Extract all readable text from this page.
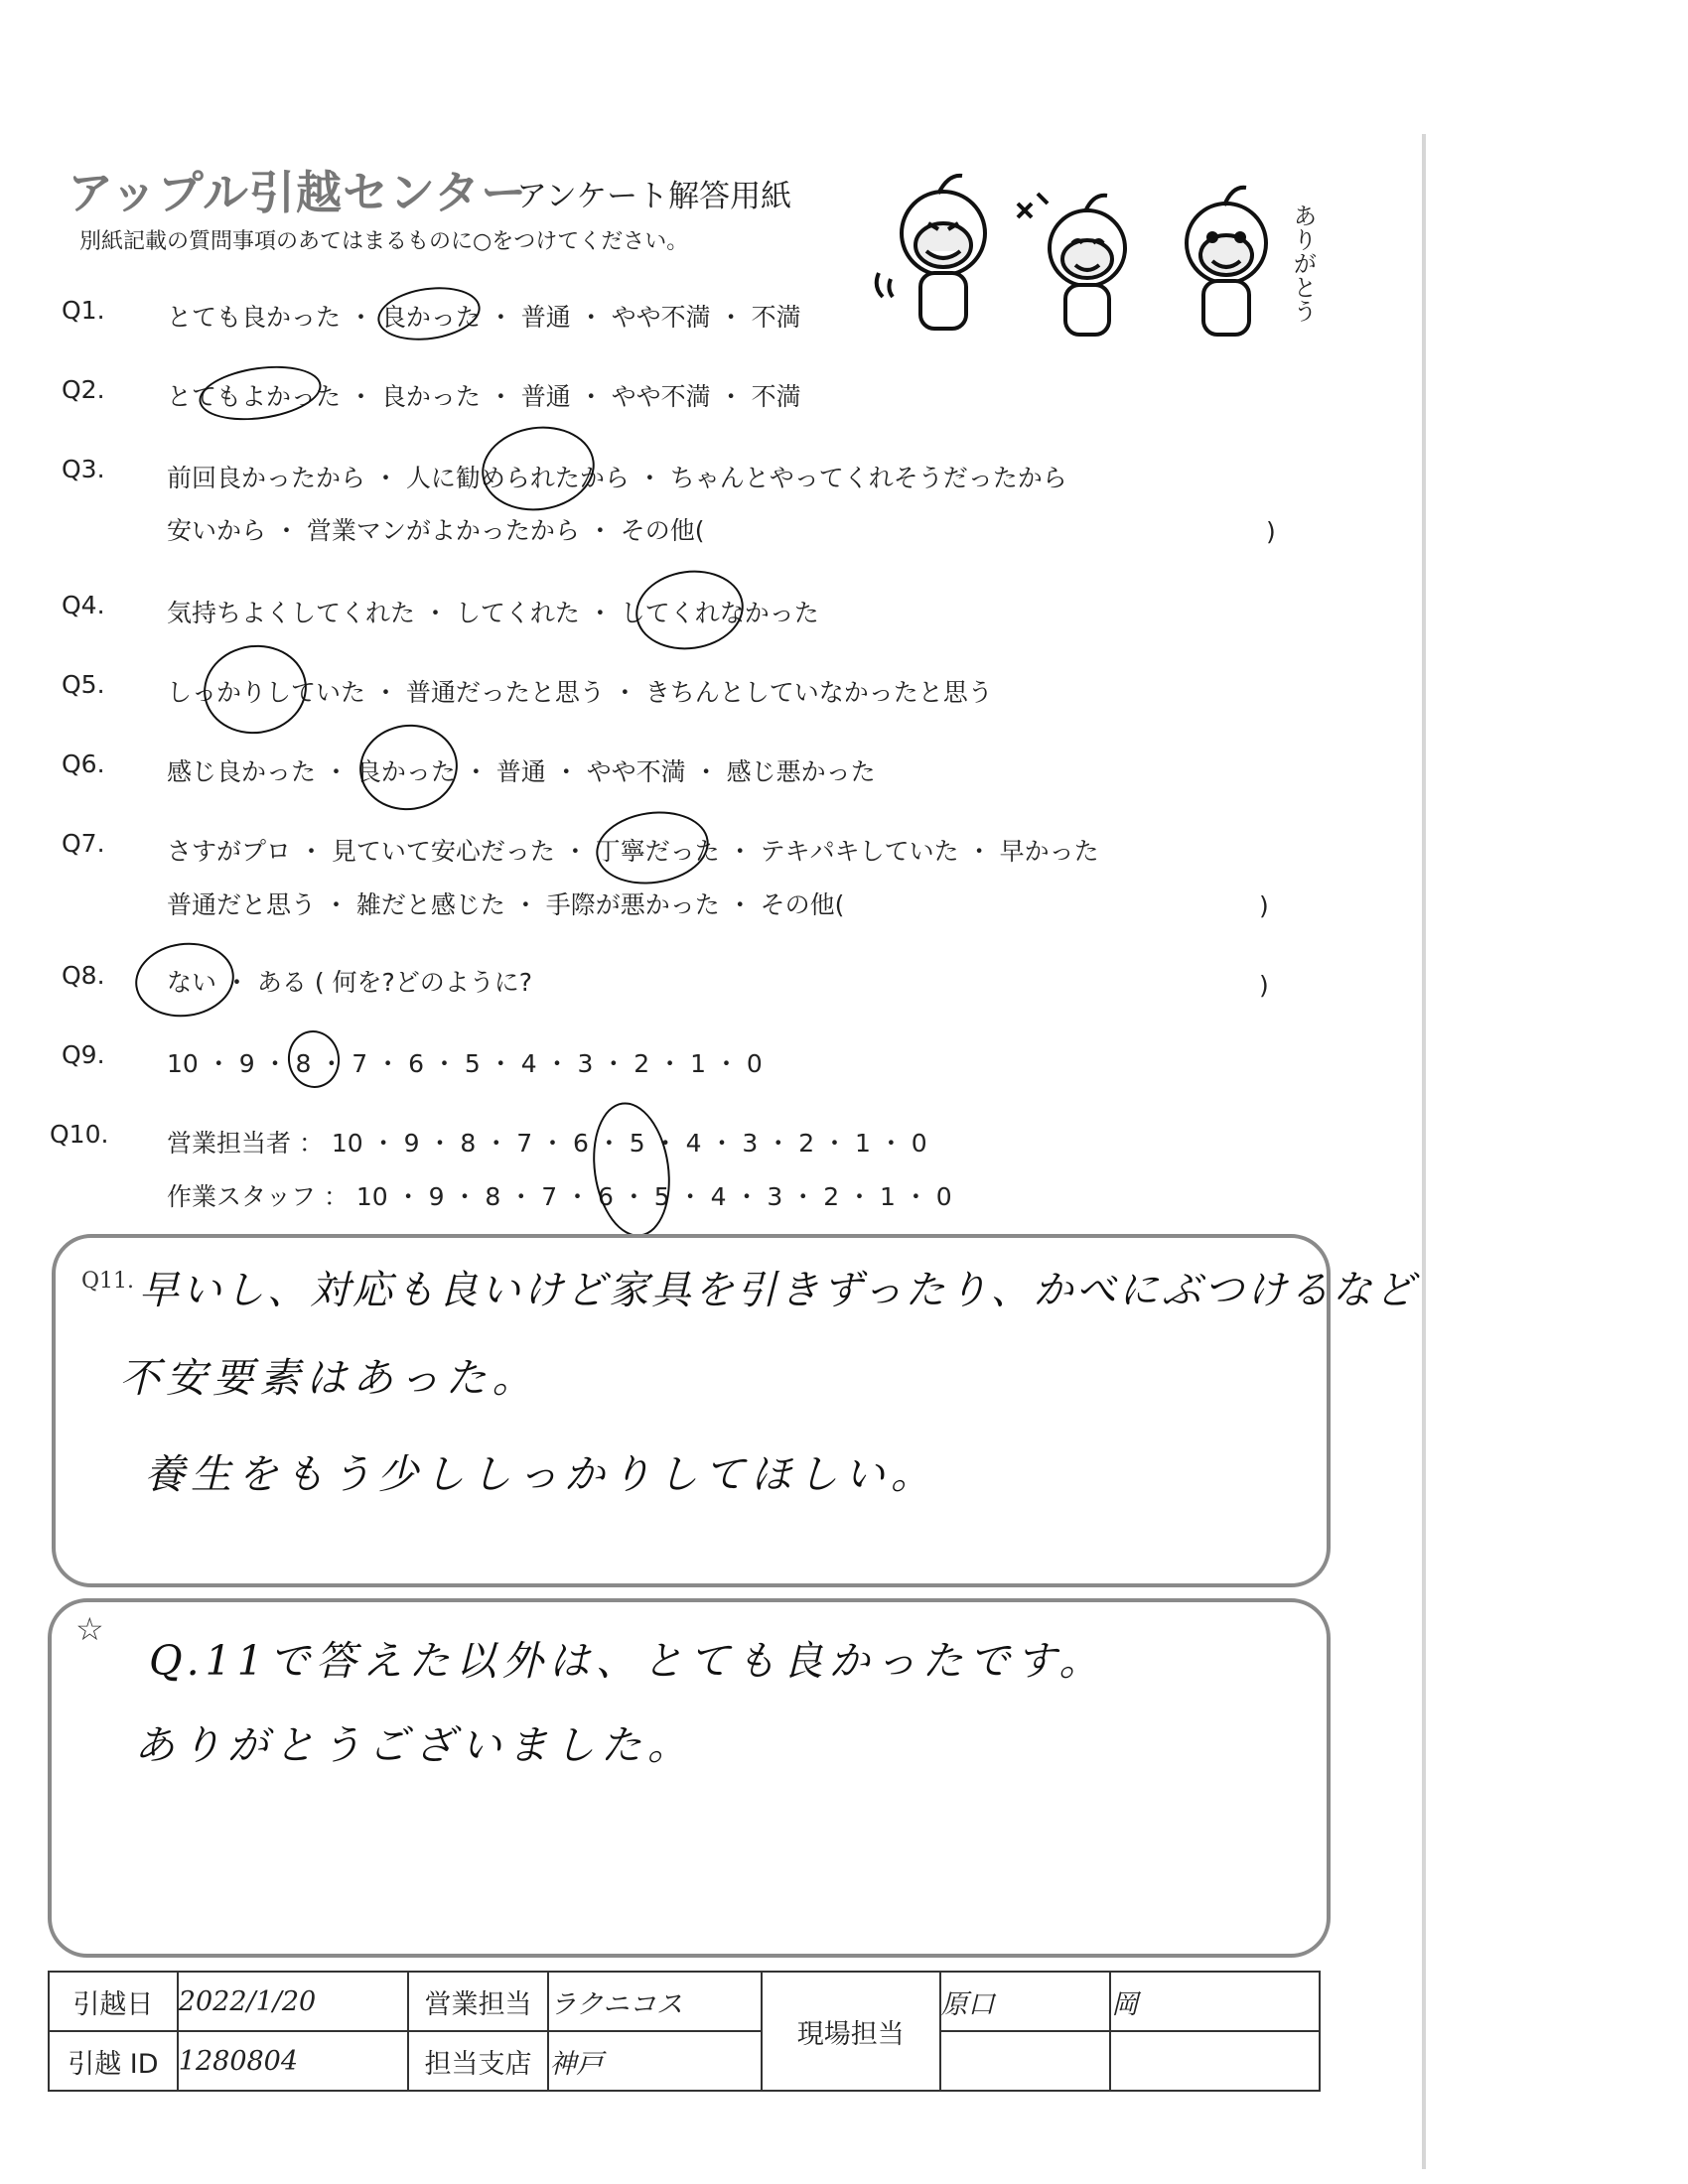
アップル引越センター
アンケート解答用紙
別紙記載の質問事項のあてはまるものに○をつけてください。	ありがとう
Q1. とても良かった ・ 良かった ・ 普通 ・ やや不満 ・ 不満
Q2. とてもよかった ・ 良かった ・ 普通 ・ やや不満 ・ 不満
Q3. 前回良かったから ・ 人に勧められたから ・ ちゃんとやってくれそうだったから
安いから ・ 営業マンがよかったから ・ その他(	)
Q4. 気持ちよくしてくれた ・ してくれた ・ してくれなかった
Q5. しっかりしていた ・ 普通だったと思う ・ きちんとしていなかったと思う
Q6. 感じ良かった ・ 良かった ・ 普通 ・ やや不満 ・ 感じ悪かった
Q7. さすがプロ ・ 見ていて安心だった ・ 丁寧だった ・ テキパキしていた ・ 早かった
普通だと思う ・ 雑だと感じた ・ 手際が悪かった ・ その他(	)
Q8. ない ・ ある ( 何を?どのように?	)
Q9. 10 ・ 9 ・ 8 ・ 7 ・ 6 ・ 5 ・ 4 ・ 3 ・ 2 ・ 1 ・ 0
Q10. 営業担当者 ： 10 ・ 9 ・ 8 ・ 7 ・ 6 ・ 5 ・ 4 ・ 3 ・ 2 ・ 1 ・ 0
作業スタッフ ： 10 ・ 9 ・ 8 ・ 7 ・ 6 ・ 5 ・ 4 ・ 3 ・ 2 ・ 1 ・ 0
Q11. 早いし、対応も良いけど家具を引きずったり、かべにぶつけるなど
不安要素はあった。
養生をもう少ししっかりしてほしい。
☆
Q.11で答えた以外は、とても良かったです。
ありがとうございました。
引越日	2022/1/20	営業担当	ラクニコス	現場担当	原口	岡
引越 ID	1280804	担当支店	神戸			
